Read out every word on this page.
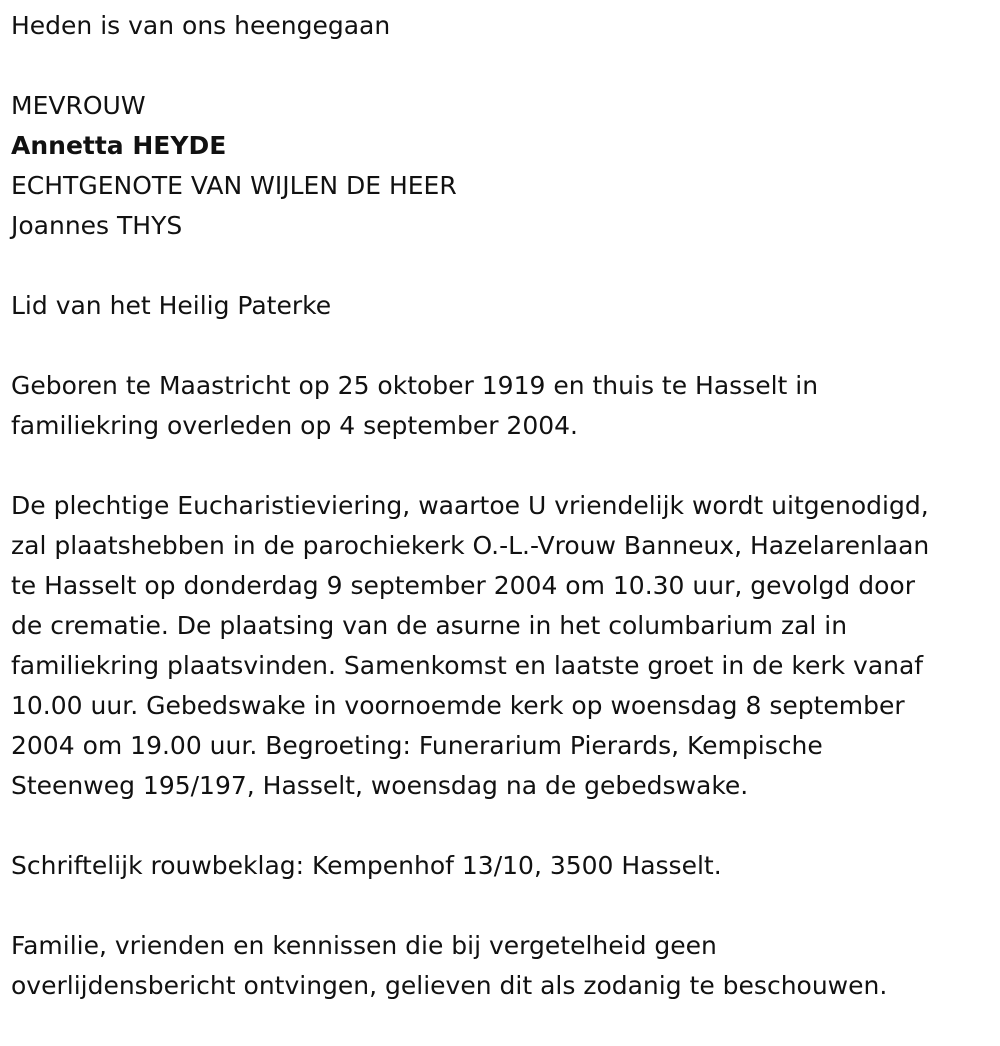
Heden is van ons heengegaan

MEVROUW

Annetta HEYDE

ECHTGENOTE VAN WIJLEN DE HEER

Joannes THYS

Lid van het Heilig Paterke

Geboren te Maastricht op 25 oktober 1919 en thuis te Hasselt in

familiekring overleden op 4 september 2004.

De plechtige Eucharistieviering, waartoe U vriendelijk wordt uitgenodigd,

zal plaatshebben in de parochiekerk O.-L.-Vrouw Banneux, Hazelarenlaan

te Hasselt op donderdag 9 september 2004 om 10.30 uur, gevolgd door

de crematie. De plaatsing van de asurne in het columbarium zal in

familiekring plaatsvinden. Samenkomst en laatste groet in de kerk vanaf

10.00 uur. Gebedswake in voornoemde kerk op woensdag 8 september

2004 om 19.00 uur. Begroeting: Funerarium Pierards, Kempische

Steenweg 195/197, Hasselt, woensdag na de gebedswake.

Schriftelijk rouwbeklag: Kempenhof 13/10, 3500 Hasselt.

Familie, vrienden en kennissen die bij vergetelheid geen

overlijdensbericht ontvingen, gelieven dit als zodanig te beschouwen.
